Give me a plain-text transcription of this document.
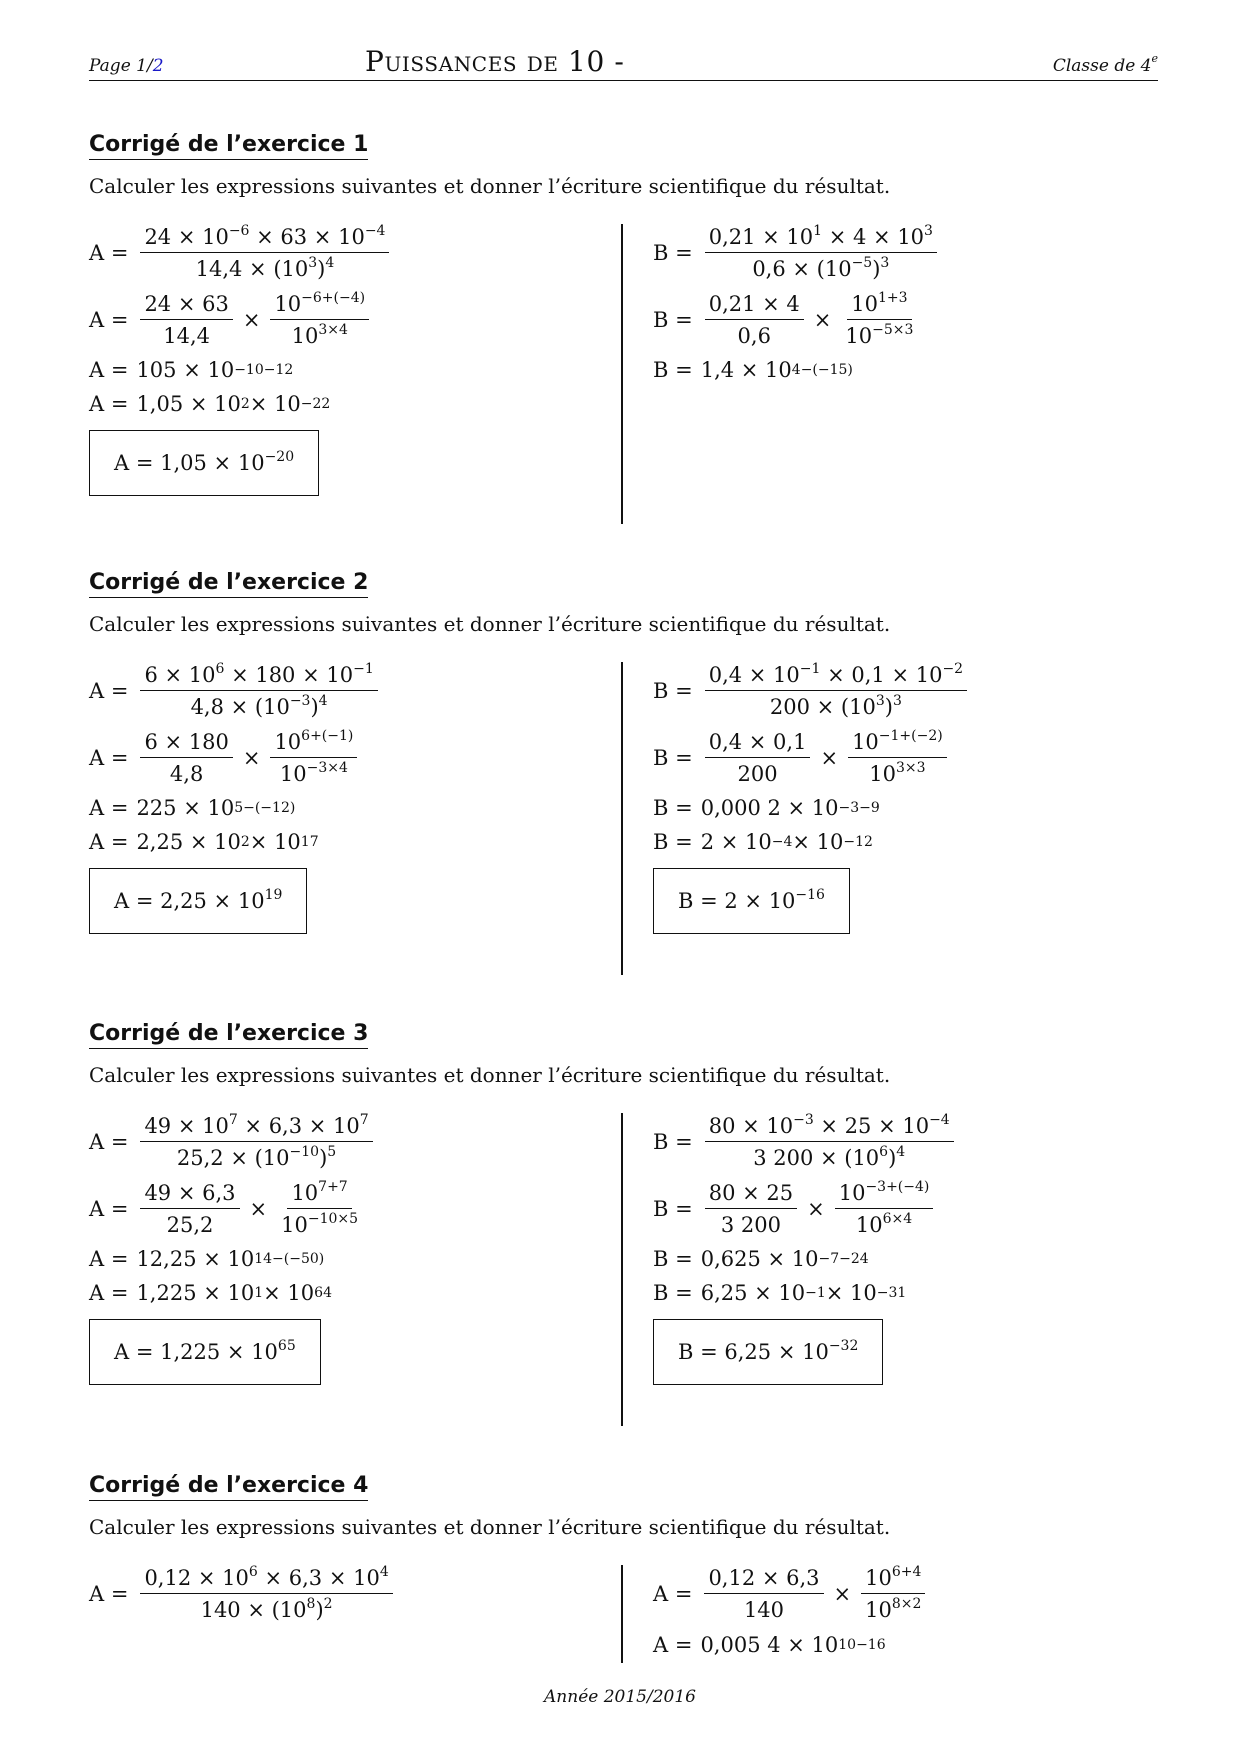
Page 1/2	Puissances de 10 -	Classe de 4e
Corrigé de l’exercice 1
Calculer les expressions suivantes et donner l’écriture scientifique du résultat.
$A = \frac{24 \times 10^{-6} \times 63 \times 10^{-4}}{14,4 \times (10^3)^4}$
$A = \frac{24 \times 63}{14,4} \times \frac{10^{-6+(-4)}}{10^{3\times 4}}$
A = 105 × 10 −10−12
A = 1,05 × 10 2 × 10 −22
$A = 1,05 \times 10^{-20}$
$B = \frac{0,21 \times 10^1 \times 4 \times 10^3}{0,6 \times (10^{-5})^3}$
$B = \frac{0,21 \times 4}{0,6} \times \frac{10^{1+3}}{10^{-5\times 3}}$
B = 1,4 × 10 4−(−15)
Corrigé de l’exercice 2
Calculer les expressions suivantes et donner l’écriture scientifique du résultat.
$A = \frac{6 \times 10^6 \times 180 \times 10^{-1}}{4,8 \times (10^{-3})^4}$
$A = \frac{6 \times 180}{4,8} \times \frac{10^{6+(-1)}}{10^{-3\times 4}}$
A = 225 × 10 5−(−12)
A = 2,25 × 10 2 × 10 17
$A = 2,25 \times 10^{19}$
$B = \frac{0,4 \times 10^{-1} \times 0,1 \times 10^{-2}}{200 \times (10^3)^3}$
$B = \frac{0,4 \times 0,1}{200} \times \frac{10^{-1+(-2)}}{10^{3\times 3}}$
B = 0,000 2 × 10 −3−9
B = 2 × 10 −4 × 10 −12
$B = 2 \times 10^{-16}$
Corrigé de l’exercice 3
Calculer les expressions suivantes et donner l’écriture scientifique du résultat.
$A = \frac{49 \times 10^7 \times 6,3 \times 10^7}{25,2 \times (10^{-10})^5}$
$A = \frac{49 \times 6,3}{25,2} \times \frac{10^{7+7}}{10^{-10\times 5}}$
A = 12,25 × 10 14−(−50)
A = 1,225 × 10 1 × 10 64
$A = 1,225 \times 10^{65}$
$B = \frac{80 \times 10^{-3} \times 25 \times 10^{-4}}{3 200 \times (10^6)^4}$
$B = \frac{80 \times 25}{3 200} \times \frac{10^{-3+(-4)}}{10^{6\times 4}}$
B = 0,625 × 10 −7−24
B = 6,25 × 10 −1 × 10 −31
$B = 6,25 \times 10^{-32}$
Corrigé de l’exercice 4
Calculer les expressions suivantes et donner l’écriture scientifique du résultat.
$A = \frac{0,12 \times 10^6 \times 6,3 \times 10^4}{140 \times (10^8)^2}$	$A = \frac{0,12 \times 6,3}{140} \times \frac{10^{6+4}}{10^{8\times 2}}$
A = 0,005 4 × 10 10−16
Année 2015/2016
